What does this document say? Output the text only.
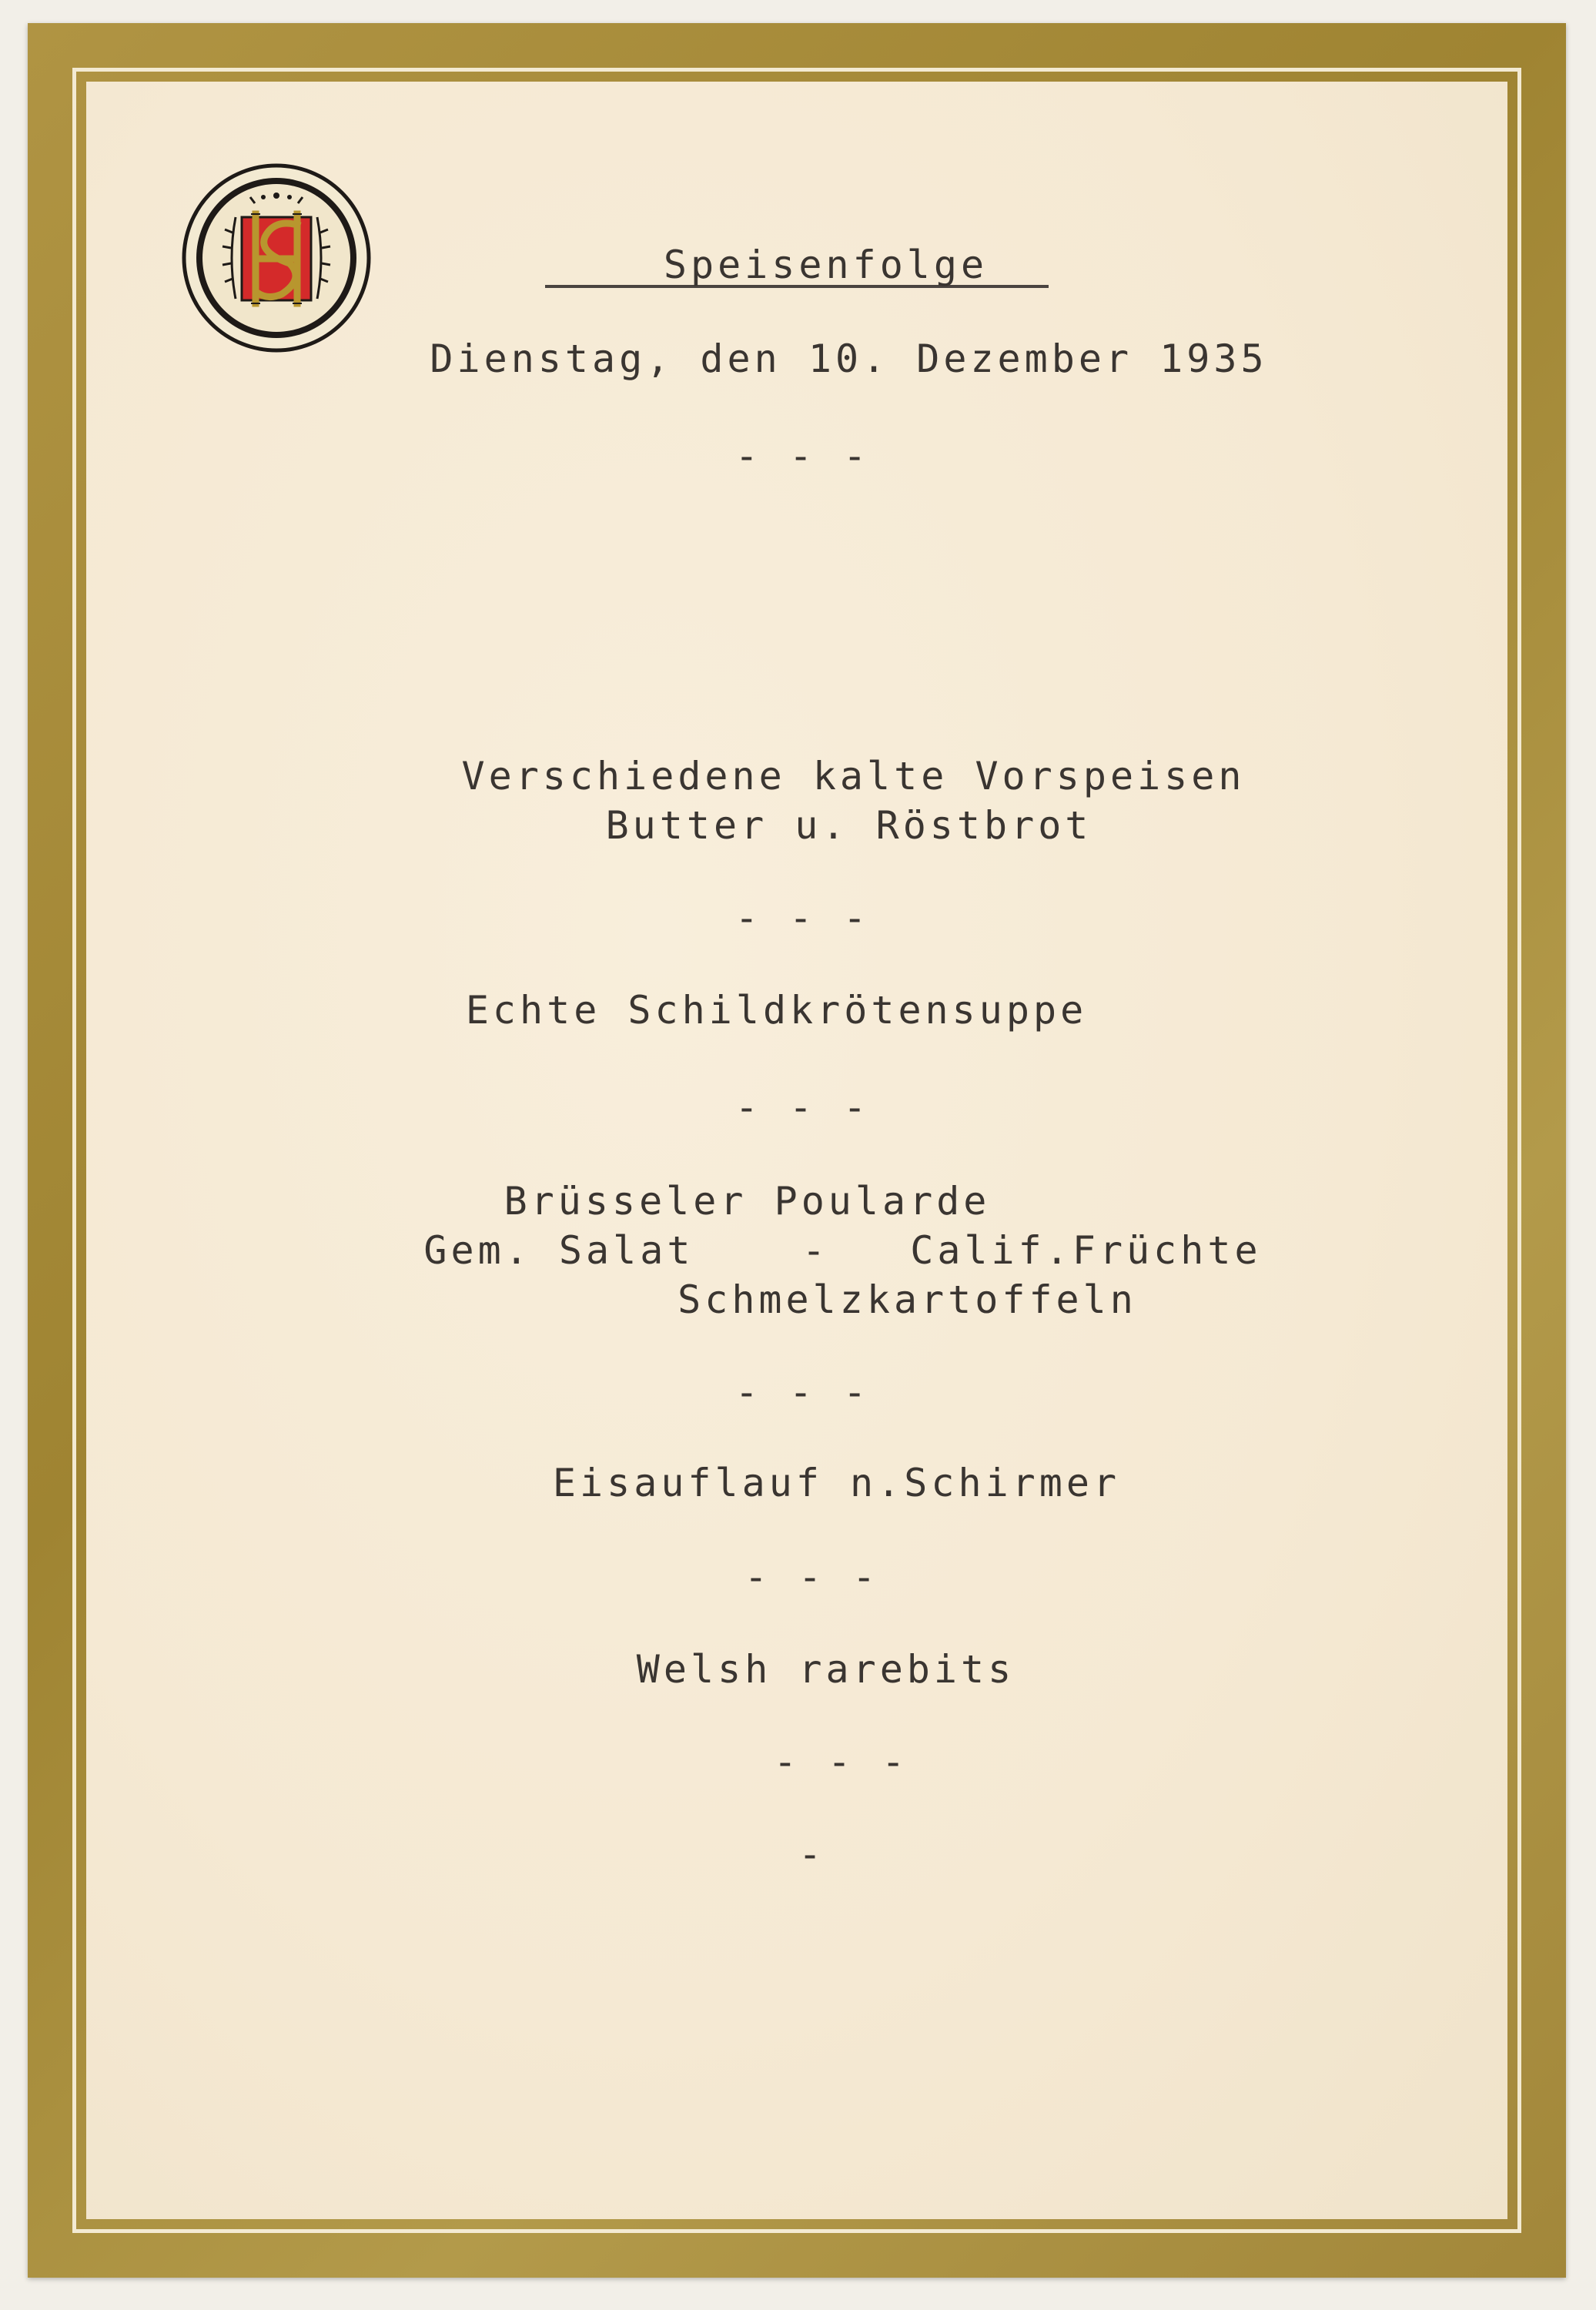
Speisenfolge
Dienstag, den 10. Dezember 1935
- - -
Verschiedene kalte Vorspeisen
Butter u. Röstbrot
- - -
Echte Schildkrötensuppe
- - -
Brüsseler Poularde
Gem. Salat    -   Calif.Früchte
Schmelzkartoffeln
- - -
Eisauflauf n.Schirmer
- - -
Welsh rarebits
- - -
-
